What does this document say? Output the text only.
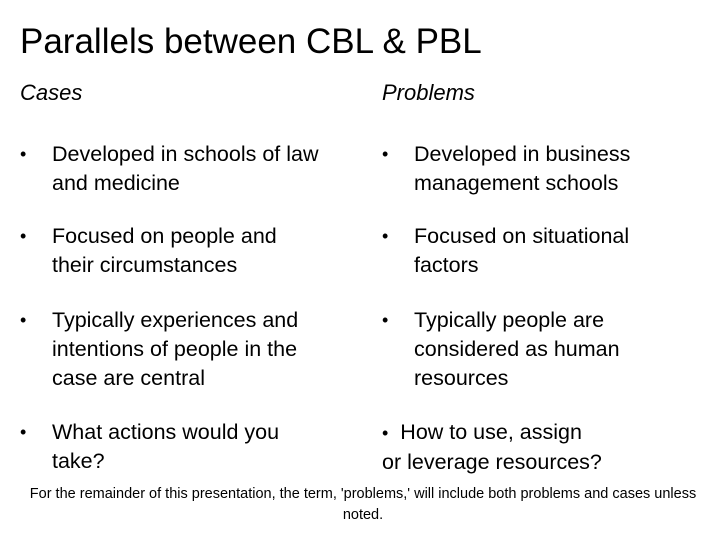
Parallels between CBL & PBL
Cases
• Developed in schools of law and medicine
• Focused on people and their circumstances
• Typically experiences and intentions of people in the case are central
• What actions would you take?
Problems
• Developed in business management schools
• Focused on situational factors
• Typically people are considered as human resources
• How to use, assign
or leverage resources?
For the remainder of this presentation, the term, 'problems,' will include both problems and cases unless noted.
